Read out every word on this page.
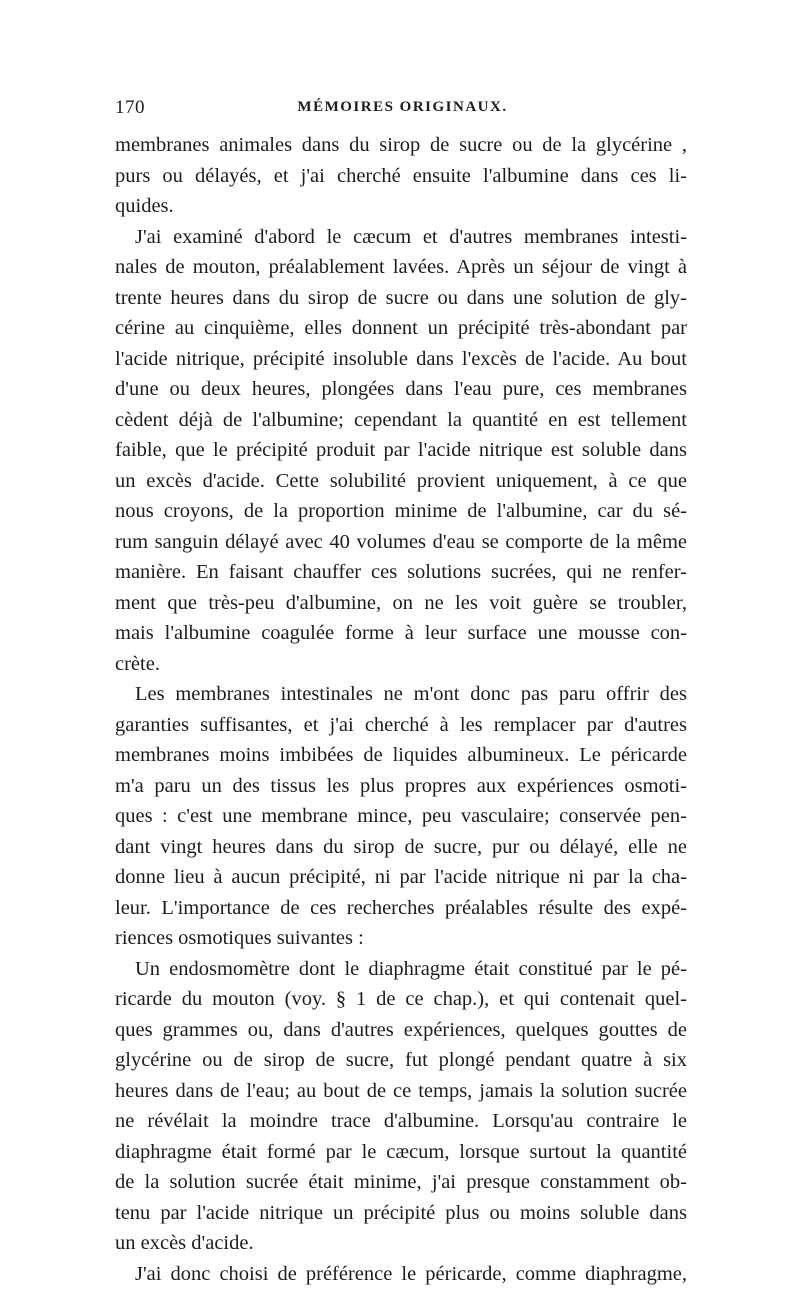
170	MÉMOIRES ORIGINAUX.
membranes animales dans du sirop de sucre ou de la glycérine ,
purs ou délayés, et j'ai cherché ensuite l'albumine dans ces li-
quides.
J'ai examiné d'abord le cæcum et d'autres membranes intesti-
nales de mouton, préalablement lavées. Après un séjour de vingt à
trente heures dans du sirop de sucre ou dans une solution de gly-
cérine au cinquième, elles donnent un précipité très-abondant par
l'acide nitrique, précipité insoluble dans l'excès de l'acide. Au bout
d'une ou deux heures, plongées dans l'eau pure, ces membranes
cèdent déjà de l'albumine; cependant la quantité en est tellement
faible, que le précipité produit par l'acide nitrique est soluble dans
un excès d'acide. Cette solubilité provient uniquement, à ce que
nous croyons, de la proportion minime de l'albumine, car du sé-
rum sanguin délayé avec 40 volumes d'eau se comporte de la même
manière. En faisant chauffer ces solutions sucrées, qui ne renfer-
ment que très-peu d'albumine, on ne les voit guère se troubler,
mais l'albumine coagulée forme à leur surface une mousse con-
crète.
Les membranes intestinales ne m'ont donc pas paru offrir des
garanties suffisantes, et j'ai cherché à les remplacer par d'autres
membranes moins imbibées de liquides albumineux. Le péricarde
m'a paru un des tissus les plus propres aux expériences osmoti-
ques : c'est une membrane mince, peu vasculaire; conservée pen-
dant vingt heures dans du sirop de sucre, pur ou délayé, elle ne
donne lieu à aucun précipité, ni par l'acide nitrique ni par la cha-
leur. L'importance de ces recherches préalables résulte des expé-
riences osmotiques suivantes :
Un endosmomètre dont le diaphragme était constitué par le pé-
ricarde du mouton (voy. § 1 de ce chap.), et qui contenait quel-
ques grammes ou, dans d'autres expériences, quelques gouttes de
glycérine ou de sirop de sucre, fut plongé pendant quatre à six
heures dans de l'eau; au bout de ce temps, jamais la solution sucrée
ne révélait la moindre trace d'albumine. Lorsqu'au contraire le
diaphragme était formé par le cæcum, lorsque surtout la quantité
de la solution sucrée était minime, j'ai presque constamment ob-
tenu par l'acide nitrique un précipité plus ou moins soluble dans
un excès d'acide.
J'ai donc choisi de préférence le péricarde, comme diaphragme,
